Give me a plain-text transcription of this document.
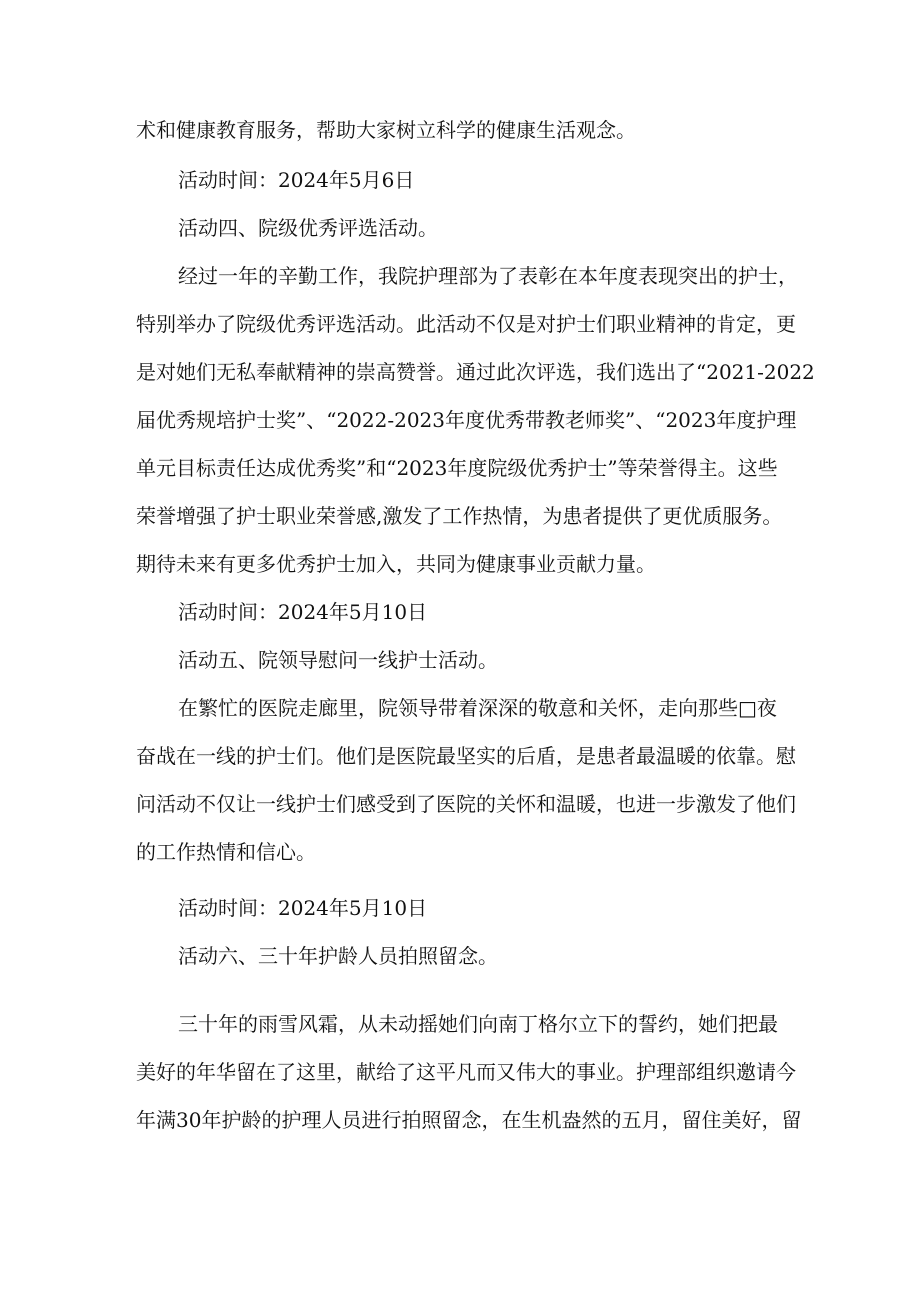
术和健康教育服务，帮助大家树立科学的健康生活观念。

活动时间：2024年5月6日

活动四、院级优秀评选活动。

经过一年的辛勤工作，我院护理部为了表彰在本年度表现突出的护士，

特别举办了院级优秀评选活动。此活动不仅是对护士们职业精神的肯定，更

是对她们无私奉献精神的崇高赞誉。通过此次评选，我们选出了“2021-2022

届优秀规培护士奖”、“2022-2023年度优秀带教老师奖”、“2023年度护理

单元目标责任达成优秀奖”和“2023年度院级优秀护士”等荣誉得主。这些

荣誉增强了护士职业荣誉感,激发了工作热情，为患者提供了更优质服务。

期待未来有更多优秀护士加入，共同为健康事业贡献力量。

活动时间：2024年5月10日

活动五、院领导慰问一线护士活动。

在繁忙的医院走廊里，院领导带着深深的敬意和关怀，走向那些□夜

奋战在一线的护士们。他们是医院最坚实的后盾，是患者最温暖的依靠。慰

问活动不仅让一线护士们感受到了医院的关怀和温暖，也进一步激发了他们

的工作热情和信心。

活动时间：2024年5月10日

活动六、三十年护龄人员拍照留念。

三十年的雨雪风霜，从未动摇她们向南丁格尔立下的誓约，她们把最

美好的年华留在了这里，献给了这平凡而又伟大的事业。护理部组织邀请今

年满30年护龄的护理人员进行拍照留念，在生机盎然的五月，留住美好，留
